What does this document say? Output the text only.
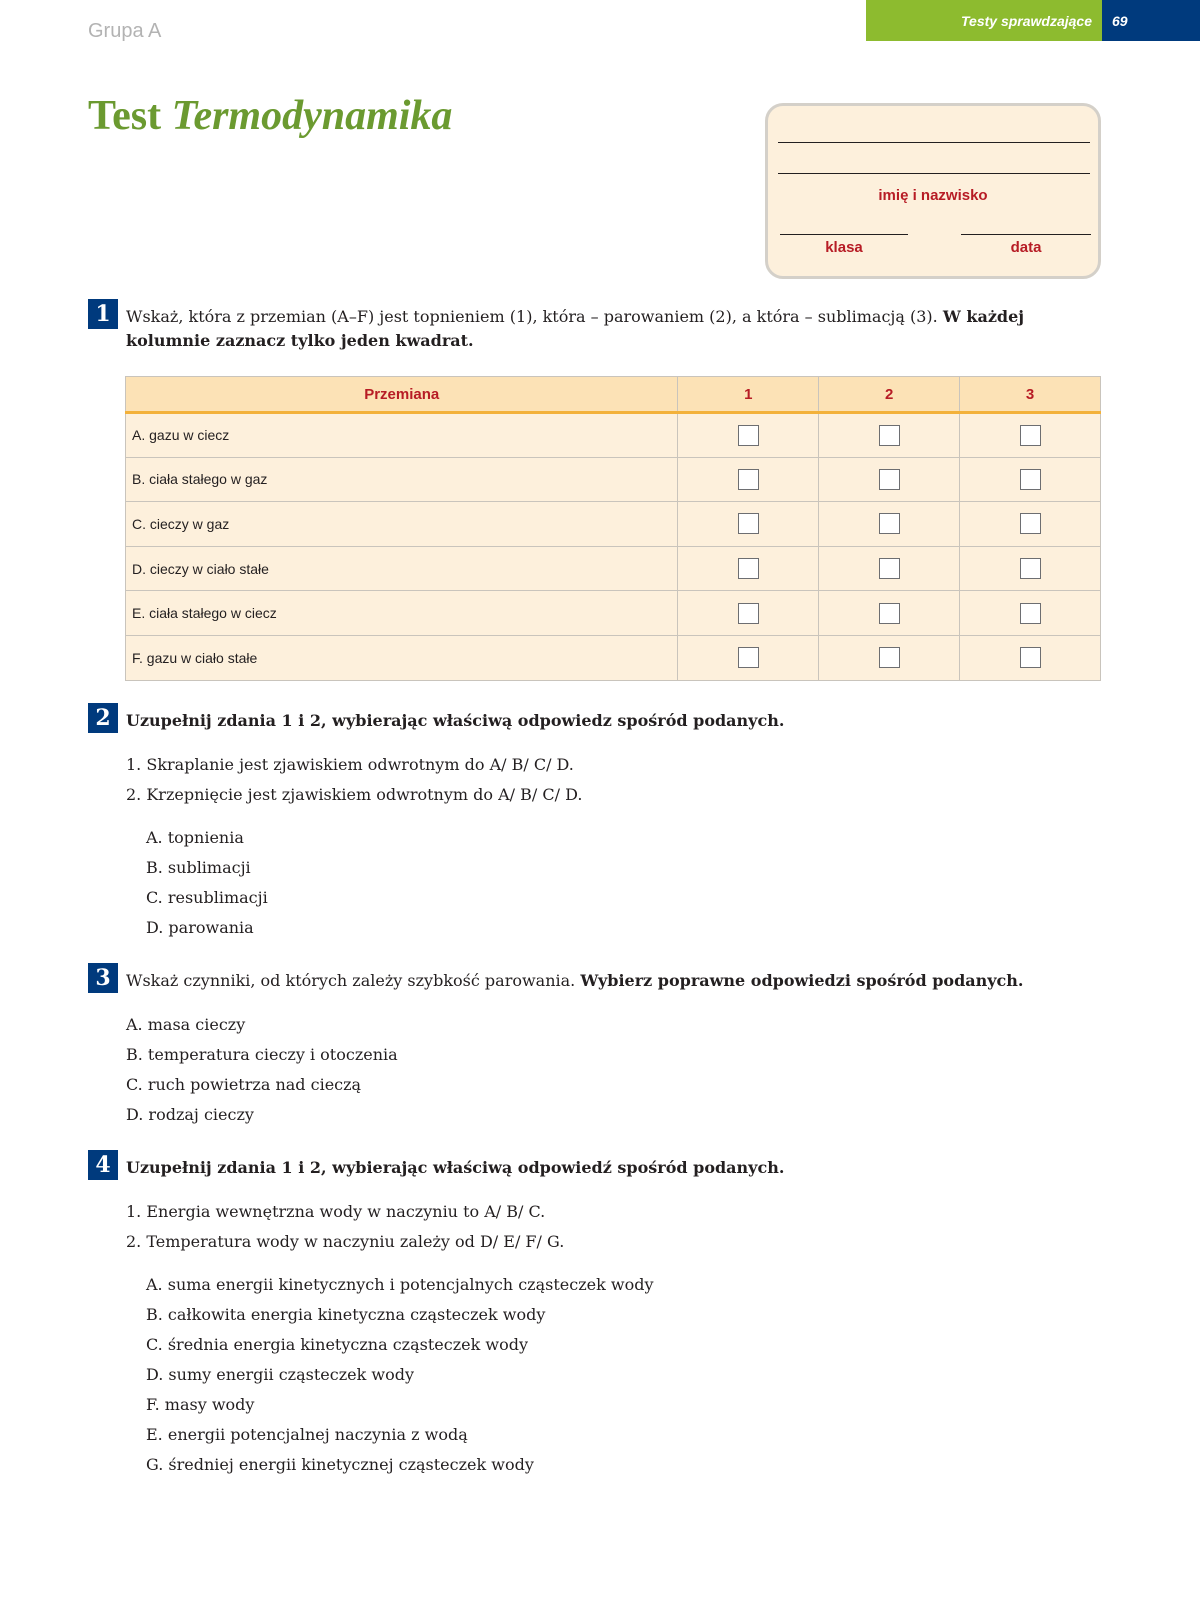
Grupa A	Testy sprawdzające	69
Test Termodynamika
imię i nazwisko
klasa	data
1 Wskaż, która z przemian (A–F) jest topnieniem (1), która – parowaniem (2), a która – sublimacją (3). W każdej kolumnie zaznacz tylko jeden kwadrat.
Przemiana	1	2	3
A. gazu w ciecz			
B. ciała stałego w gaz			
C. cieczy w gaz			
D. cieczy w ciało stałe			
E. ciała stałego w ciecz			
F. gazu w ciało stałe			
2 Uzupełnij zdania 1 i 2, wybierając właściwą odpowiedz spośród podanych.
1. Skraplanie jest zjawiskiem odwrotnym do A/ B/ C/ D.
2. Krzepnięcie jest zjawiskiem odwrotnym do A/ B/ C/ D.
A. topnienia
B. sublimacji
C. resublimacji
D. parowania
3 Wskaż czynniki, od których zależy szybkość parowania. Wybierz poprawne odpowiedzi spośród podanych.
A. masa cieczy
B. temperatura cieczy i otoczenia
C. ruch powietrza nad cieczą
D. rodzaj cieczy
4 Uzupełnij zdania 1 i 2, wybierając właściwą odpowiedź spośród podanych.
1. Energia wewnętrzna wody w naczyniu to A/ B/ C.
2. Temperatura wody w naczyniu zależy od D/ E/ F/ G.
A. suma energii kinetycznych i potencjalnych cząsteczek wody
B. całkowita energia kinetyczna cząsteczek wody
C. średnia energia kinetyczna cząsteczek wody
D. sumy energii cząsteczek wody
F. masy wody
E. energii potencjalnej naczynia z wodą
G. średniej energii kinetycznej cząsteczek wody
